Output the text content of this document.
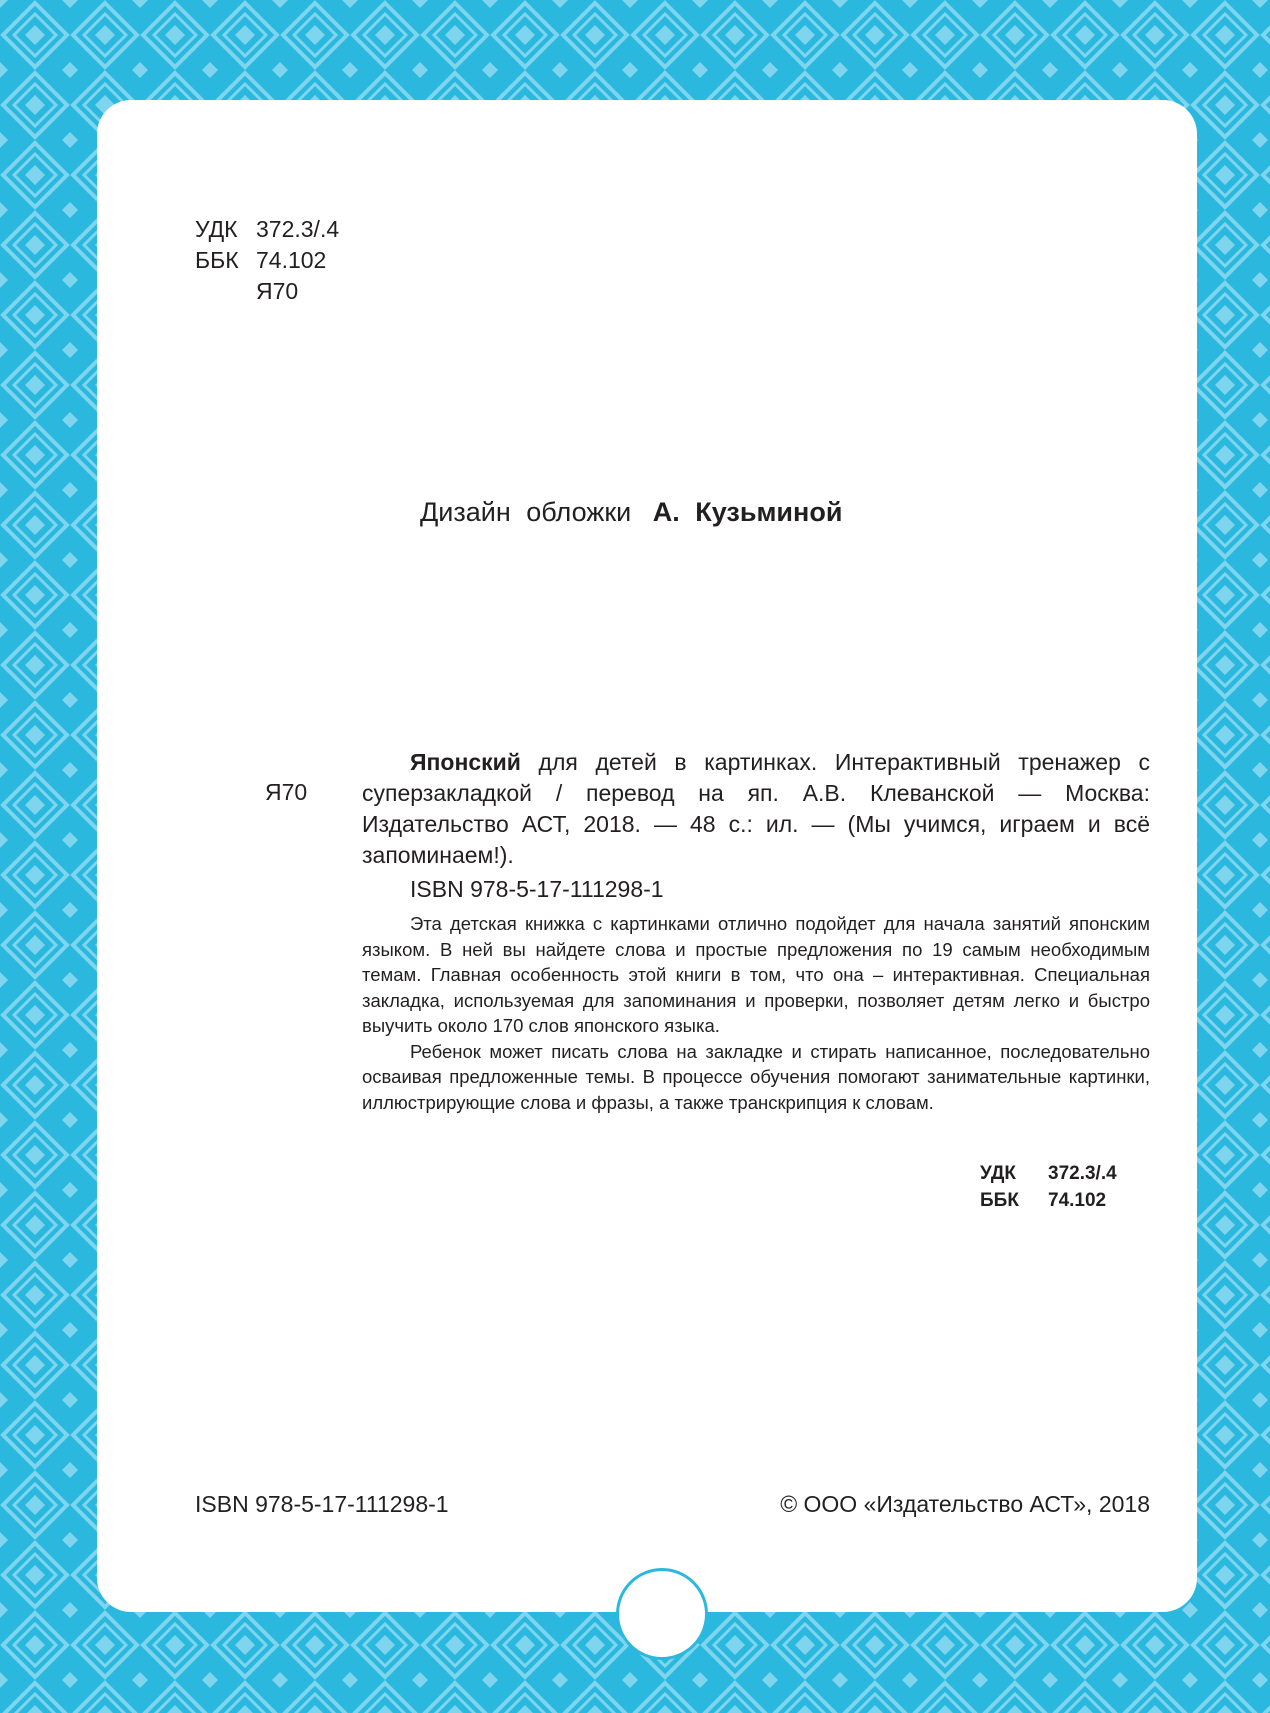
УДК 372.3/.4
ББК 74.102
Я70
Дизайн обложки А. Кузьминой
Я70
Японский для детей в картинках. Интерактивный тренажер с суперзакладкой / перевод на яп. А.В. Клеванской — Москва: Издательство АСТ, 2018. — 48 с.: ил. — (Мы учимся, играем и всё запоминаем!).
ISBN 978-5-17-111298-1

Эта детская книжка с картинками отлично подойдет для начала занятий японским языком. В ней вы найдете слова и простые предложения по 19 самым необходимым темам. Главная особенность этой книги в том, что она – интерактивная. Специальная закладка, используемая для запоминания и проверки, позволяет детям легко и быстро выучить около 170 слов японского языка.

Ребенок может писать слова на закладке и стирать написанное, последовательно осваивая предложенные темы. В процессе обучения помогают занимательные картинки, иллюстрирующие слова и фразы, а также транскрипция к словам.

УДК	372.3/.4
ББК	74.102
ISBN 978-5-17-111298-1	© ООО «Издательство АСТ», 2018
